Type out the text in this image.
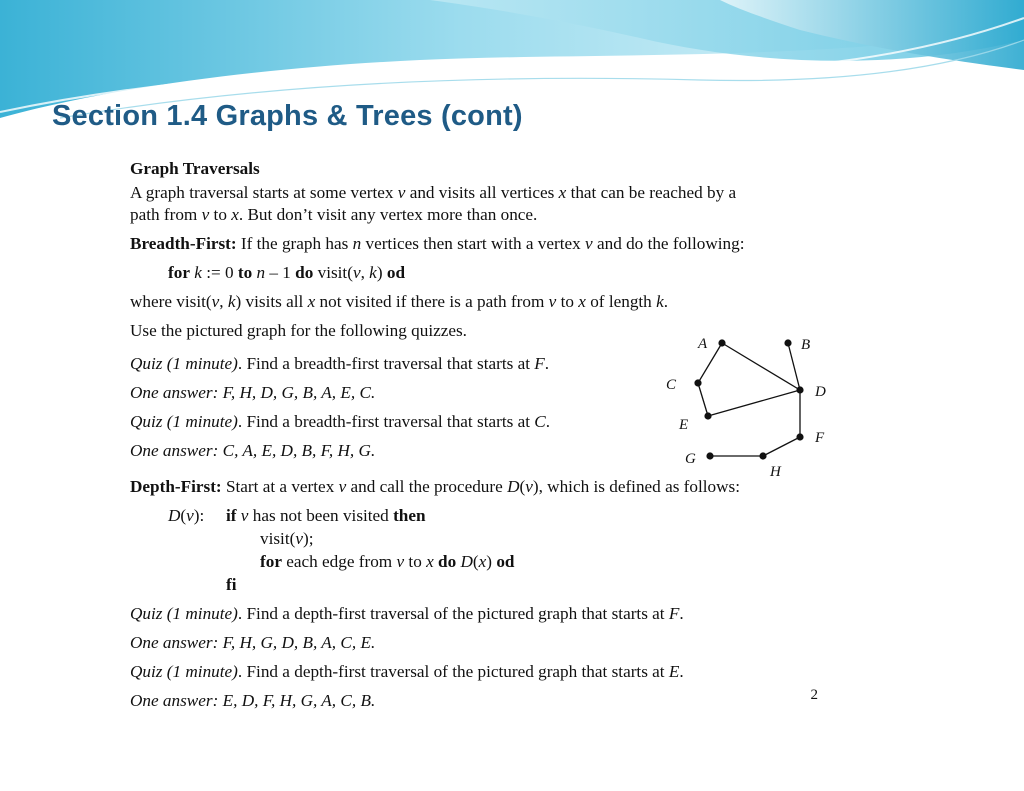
Section 1.4 Graphs & Trees (cont)
Graph Traversals
A graph traversal starts at some vertex v and visits all vertices x that can be reached by a
path from v to x. But don’t visit any vertex more than once.
Breadth-First: If the graph has n vertices then start with a vertex v and do the following:
for k := 0 to n – 1 do visit(v, k) od
where visit(v, k) visits all x not visited if there is a path from v to x of length k.
Use the pictured graph for the following quizzes.
Quiz (1 minute). Find a breadth-first traversal that starts at F.
One answer: F, H, D, G, B, A, E, C.
Quiz (1 minute). Find a breadth-first traversal that starts at C.
One answer: C, A, E, D, B, F, H, G.
Depth-First: Start at a vertex v and call the procedure D(v), which is defined as follows:
D(v): if v has not been visited then
visit(v);
for each edge from v to x do D(x) od
fi
Quiz (1 minute). Find a depth-first traversal of the pictured graph that starts at F.
One answer: F, H, G, D, B, A, C, E.
Quiz (1 minute). Find a depth-first traversal of the pictured graph that starts at E.
One answer: E, D, F, H, G, A, C, B.	2
A	B
C	D
E
F
G
H
